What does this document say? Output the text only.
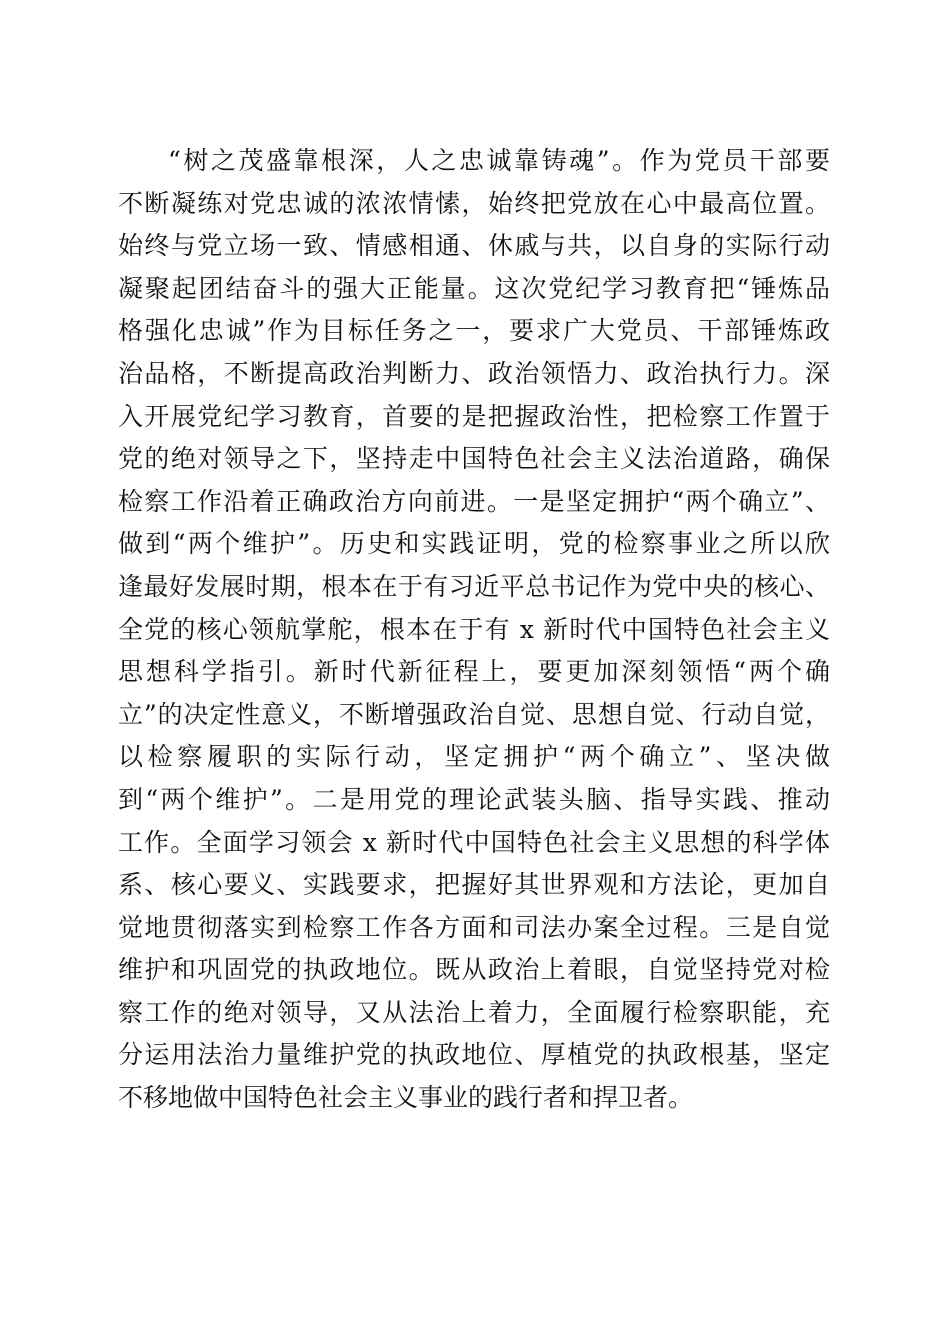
“树之茂盛靠根深，人之忠诚靠铸魂”。作为党员干部要
不断凝练对党忠诚的浓浓情愫，始终把党放在心中最高位置。
始终与党立场一致、情感相通、休戚与共，以自身的实际行动
凝聚起团结奋斗的强大正能量。这次党纪学习教育把“锤炼品
格强化忠诚”作为目标任务之一，要求广大党员、干部锤炼政
治品格，不断提高政治判断力、政治领悟力、政治执行力。深
入开展党纪学习教育，首要的是把握政治性，把检察工作置于
党的绝对领导之下，坚持走中国特色社会主义法治道路，确保
检察工作沿着正确政治方向前进。一是坚定拥护“两个确立”、
做到“两个维护”。历史和实践证明，党的检察事业之所以欣
逢最好发展时期，根本在于有习近平总书记作为党中央的核心、
全党的核心领航掌舵，根本在于有 x 新时代中国特色社会主义
思想科学指引。新时代新征程上，要更加深刻领悟“两个确
立”的决定性意义，不断增强政治自觉、思想自觉、行动自觉，
以检察履职的实际行动，坚定拥护“两个确立”、坚决做
到“两个维护”。二是用党的理论武装头脑、指导实践、推动
工作。全面学习领会 x 新时代中国特色社会主义思想的科学体
系、核心要义、实践要求，把握好其世界观和方法论，更加自
觉地贯彻落实到检察工作各方面和司法办案全过程。三是自觉
维护和巩固党的执政地位。既从政治上着眼，自觉坚持党对检
察工作的绝对领导，又从法治上着力，全面履行检察职能，充
分运用法治力量维护党的执政地位、厚植党的执政根基，坚定
不移地做中国特色社会主义事业的践行者和捍卫者。
